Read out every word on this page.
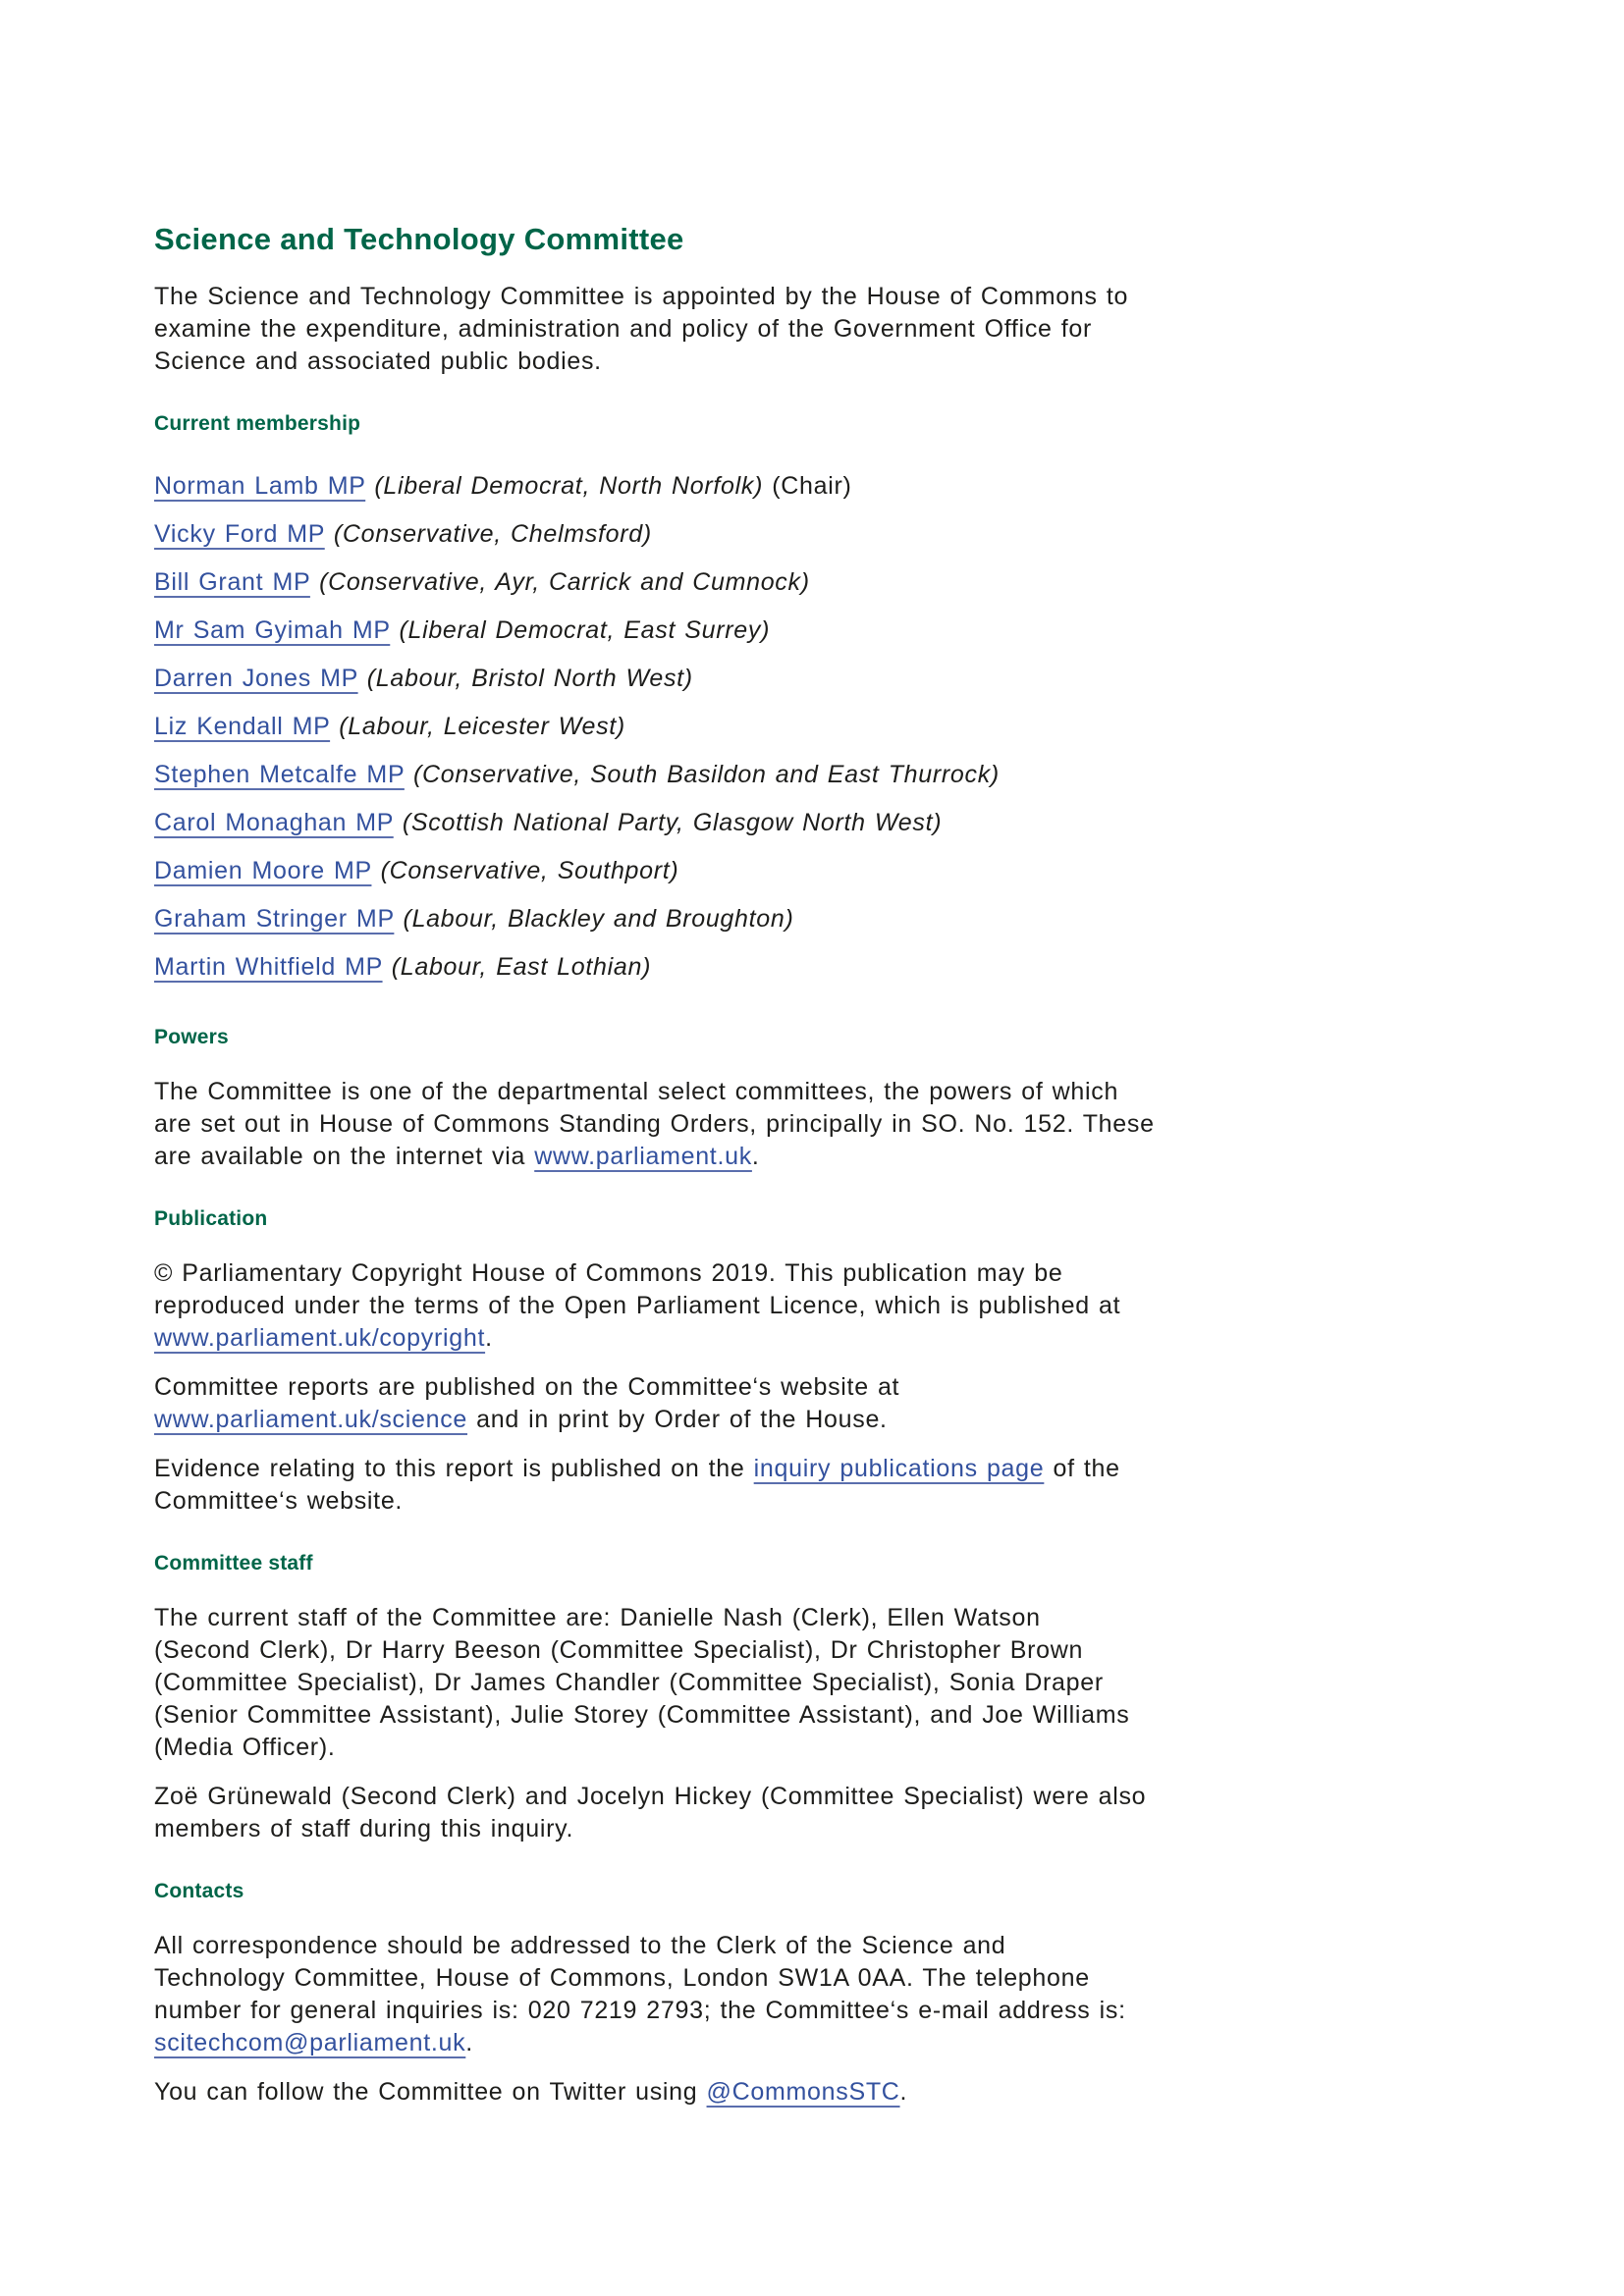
Science and Technology Committee

The Science and Technology Committee is appointed by the House of Commons to
examine the expenditure, administration and policy of the Government Office for
Science and associated public bodies.

Current membership
Norman Lamb MP (Liberal Democrat, North Norfolk) (Chair)
Vicky Ford MP (Conservative, Chelmsford)
Bill Grant MP (Conservative, Ayr, Carrick and Cumnock)
Mr Sam Gyimah MP (Liberal Democrat, East Surrey)
Darren Jones MP (Labour, Bristol North West)
Liz Kendall MP (Labour, Leicester West)
Stephen Metcalfe MP (Conservative, South Basildon and East Thurrock)
Carol Monaghan MP (Scottish National Party, Glasgow North West)
Damien Moore MP (Conservative, Southport)
Graham Stringer MP (Labour, Blackley and Broughton)
Martin Whitfield MP (Labour, East Lothian)
Powers

The Committee is one of the departmental select committees, the powers of which
are set out in House of Commons Standing Orders, principally in SO. No. 152. These
are available on the internet via www.parliament.uk.

Publication

© Parliamentary Copyright House of Commons 2019. This publication may be
reproduced under the terms of the Open Parliament Licence, which is published at
www.parliament.uk/copyright.

Committee reports are published on the Committee‘s website at
www.parliament.uk/science and in print by Order of the House.

Evidence relating to this report is published on the inquiry publications page of the
Committee‘s website.

Committee staff

The current staff of the Committee are: Danielle Nash (Clerk), Ellen Watson
(Second Clerk), Dr Harry Beeson (Committee Specialist), Dr Christopher Brown
(Committee Specialist), Dr James Chandler (Committee Specialist), Sonia Draper
(Senior Committee Assistant), Julie Storey (Committee Assistant), and Joe Williams
(Media Officer).

Zoë Grünewald (Second Clerk) and Jocelyn Hickey (Committee Specialist) were also
members of staff during this inquiry.

Contacts

All correspondence should be addressed to the Clerk of the Science and
Technology Committee, House of Commons, London SW1A 0AA. The telephone
number for general inquiries is: 020 7219 2793; the Committee‘s e-mail address is:
scitechcom@parliament.uk.

You can follow the Committee on Twitter using @CommonsSTC.
